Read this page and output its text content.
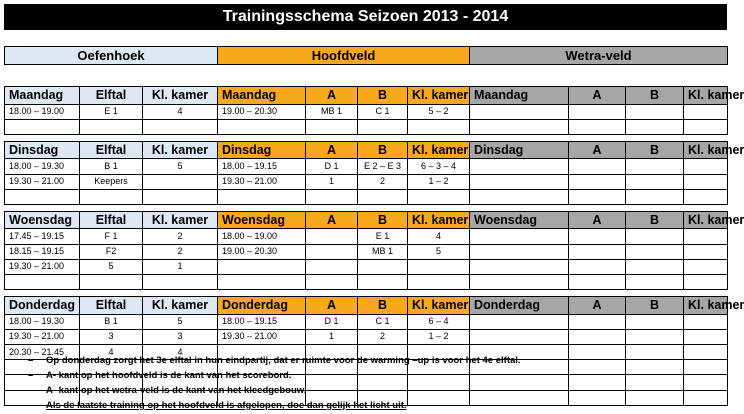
Trainingsschema Seizoen 2013 - 2014
Oefenhoek	Hoofdveld	Wetra-veld
Maandag	Elftal	Kl. kamer	Maandag	A	B	Kl. kamer	Maandag	A	B	Kl. kamer
18.00 – 19.00	E 1	4	19.00 – 20.30	MB 1	C 1	5 – 2				

Dinsdag	Elftal	Kl. kamer	Dinsdag	A	B	Kl. kamer	Dinsdag	A	B	Kl. kamer
18.00 – 19.30	B 1	5	18.00 – 19.15	D 1	E 2 – E 3	6 – 3 – 4				
19.30 – 21.00	Keepers		19.30 – 21.00	1	2	1 – 2				

Woensdag	Elftal	Kl. kamer	Woensdag	A	B	Kl. kamer	Woensdag	A	B	Kl. kamer
17.45 – 19.15	F 1	2	18.00 – 19.00		E 1	4				
18.15 – 19.15	F2	2	19.00 – 20.30		MB 1	5				
19.30 – 21.00	5	1								

Donderdag	Elftal	Kl. kamer	Donderdag	A	B	Kl. kamer	Donderdag	A	B	Kl. kamer
18.00 – 19.30	B 1	5	18.00 – 19.15	D 1	C 1	6 – 4				
19.30 – 21.00	3	3	19.30 – 21.00	1	2	1 – 2				
20.30 – 21.45	4	4								

– Op donderdag zorgt het 3e elftal in hun eindpartij, dat er ruimte voor de warming –up is voor het 4e elftal.
– A- kant op het hoofdveld is de kant van het scorebord.
– A- kant op het wetra-veld is de kant van het kleedgebouw.
– Als de laatste training op het hoofdveld is afgelopen, doe dan gelijk het licht uit.
